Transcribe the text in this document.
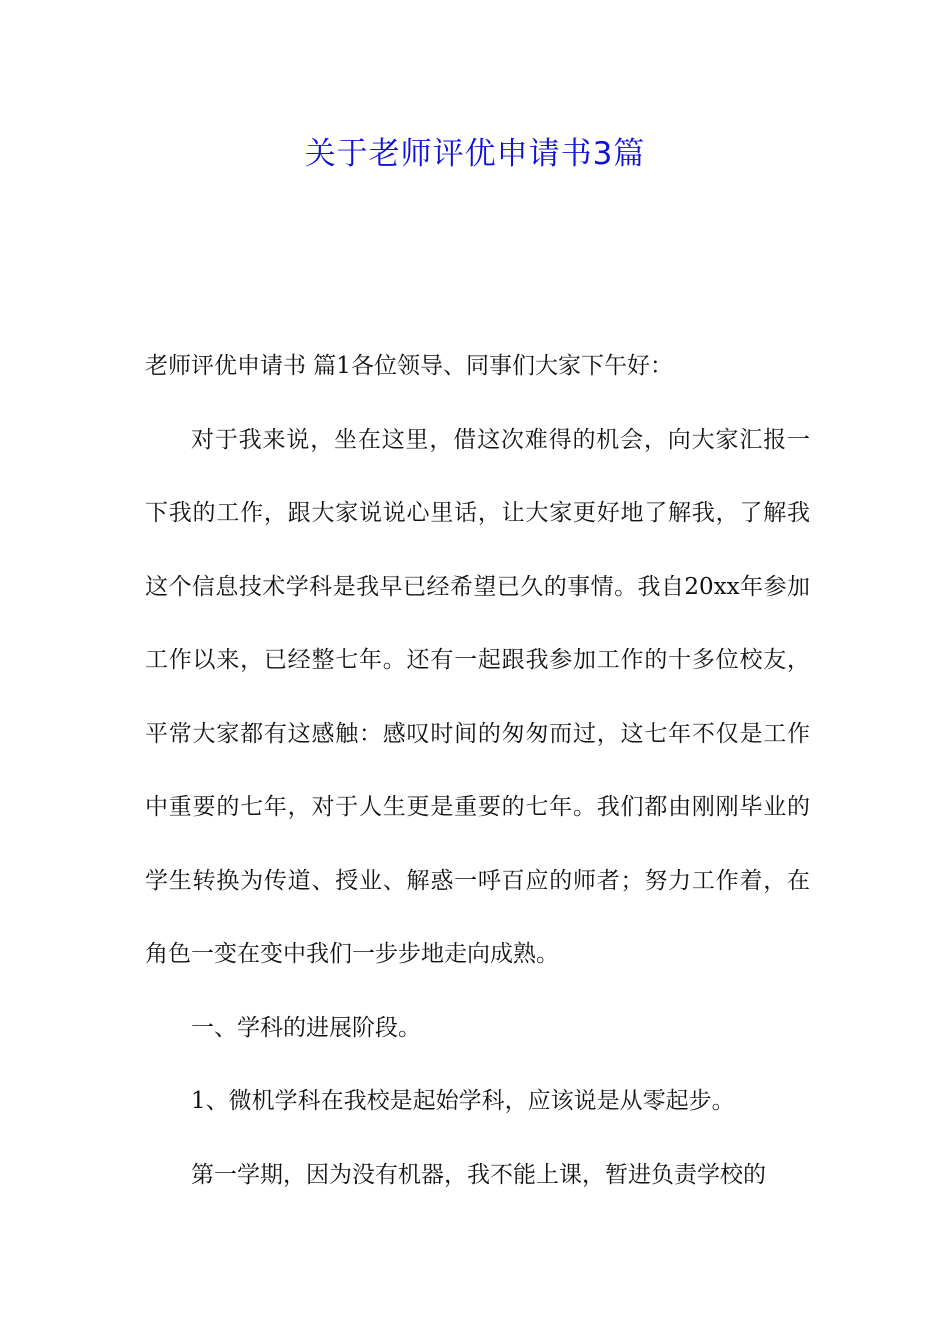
关于老师评优申请书3篇

老师评优申请书 篇1各位领导、同事们大家下午好：

对于我来说，坐在这里，借这次难得的机会，向大家汇报一下我的工作，跟大家说说心里话，让大家更好地了解我，了解我这个信息技术学科是我早已经希望已久的事情。我自20xx年参加工作以来，已经整七年。还有一起跟我参加工作的十多位校友，平常大家都有这感触：感叹时间的匆匆而过，这七年不仅是工作中重要的七年，对于人生更是重要的七年。我们都由刚刚毕业的学生转换为传道、授业、解惑一呼百应的师者；努力工作着，在角色一变在变中我们一步步地走向成熟。

一、学科的进展阶段。

1、微机学科在我校是起始学科，应该说是从零起步。

第一学期，因为没有机器，我不能上课，暂进负责学校的
